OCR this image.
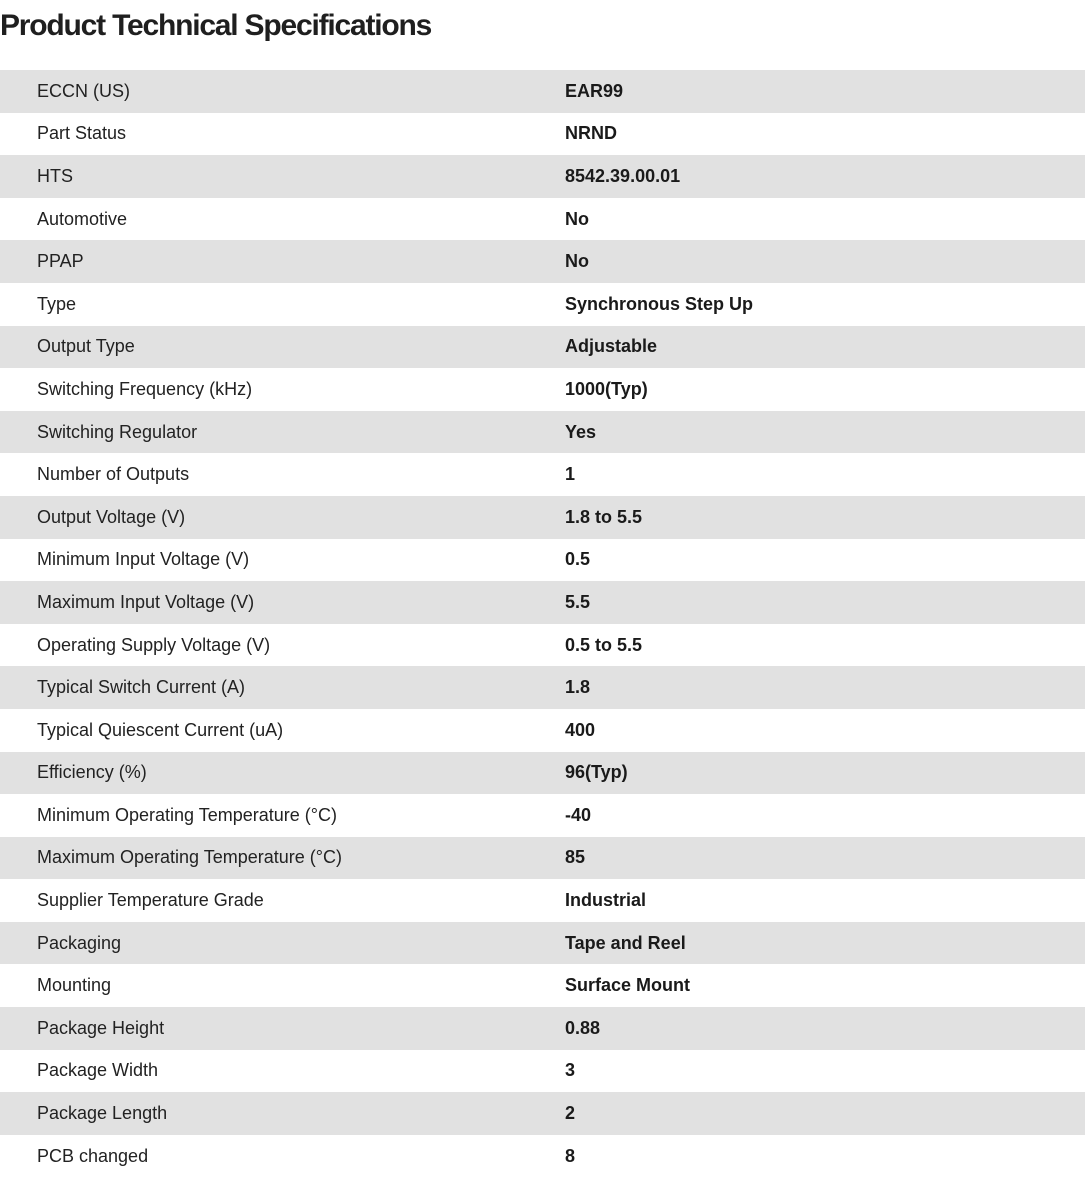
Product Technical Specifications
ECCN (US)	EAR99
Part Status	NRND
HTS	8542.39.00.01
Automotive	No
PPAP	No
Type	Synchronous Step Up
Output Type	Adjustable
Switching Frequency (kHz)	1000(Typ)
Switching Regulator	Yes
Number of Outputs	1
Output Voltage (V)	1.8 to 5.5
Minimum Input Voltage (V)	0.5
Maximum Input Voltage (V)	5.5
Operating Supply Voltage (V)	0.5 to 5.5
Typical Switch Current (A)	1.8
Typical Quiescent Current (uA)	400
Efficiency (%)	96(Typ)
Minimum Operating Temperature (°C)	-40
Maximum Operating Temperature (°C)	85
Supplier Temperature Grade	Industrial
Packaging	Tape and Reel
Mounting	Surface Mount
Package Height	0.88
Package Width	3
Package Length	2
PCB changed	8
